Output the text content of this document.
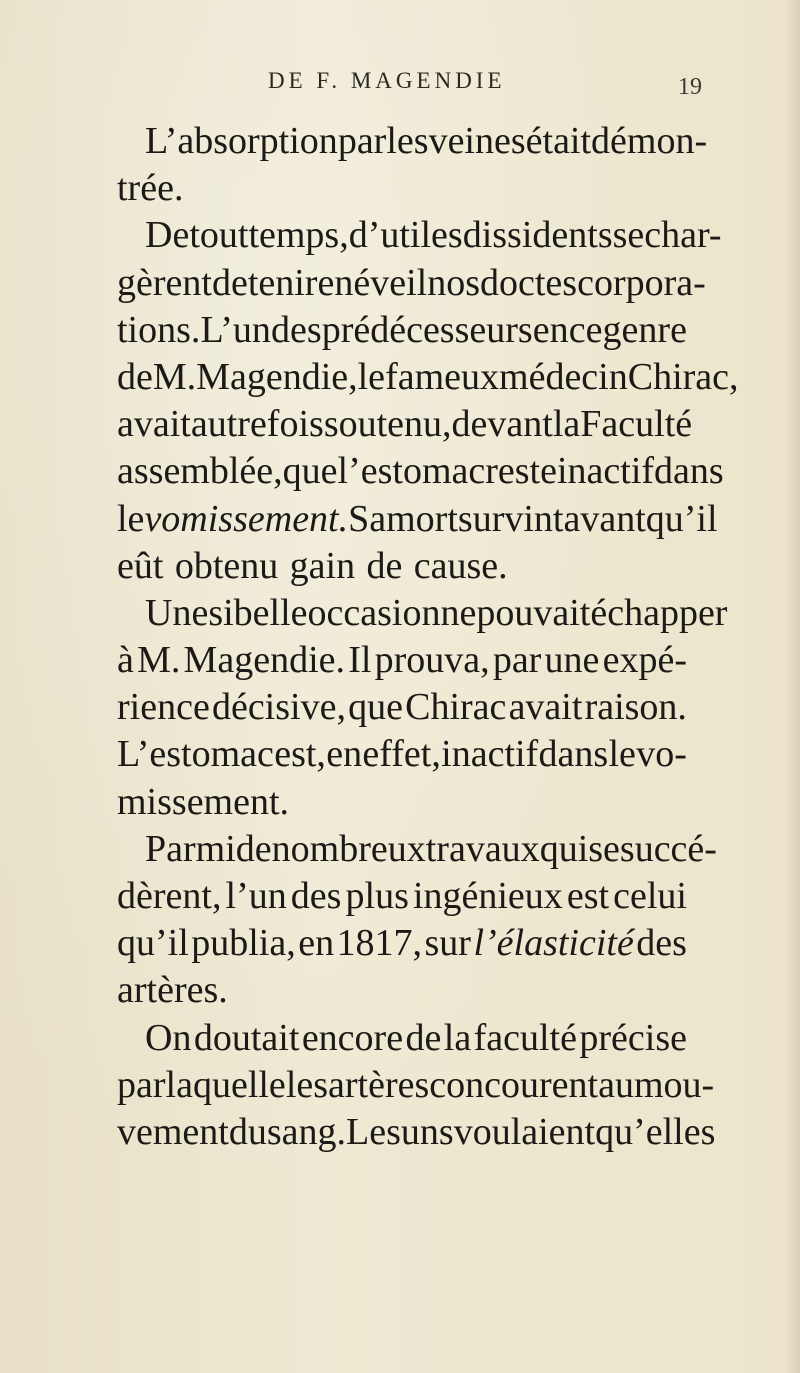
DE F. MAGENDIE	19
L’absorption par les veines était démon-
trée.
De tout temps, d’utiles dissidents se char-
gèrent de tenir en éveil nos doctes corpora-
tions. L’un des prédécesseurs en ce genre
de M. Magendie, le fameux médecin Chirac,
avait autrefois soutenu, devant la Faculté
assemblée, que l’estomac reste inactif dans
le vomissement. Sa mort survint avant qu’il
eût obtenu gain de cause.
Une si belle occasion ne pouvait échapper
à M. Magendie. Il prouva, par une expé-
rience décisive, que Chirac avait raison.
L’estomac est, en effet, inactif dans le vo-
missement.
Parmi de nombreux travaux qui se succé-
dèrent, l’un des plus ingénieux est celui
qu’il publia, en 1817, sur l’élasticité des
artères.
On doutait encore de la faculté précise
par laquelle les artères concourent au mou-
vement du sang. Les uns voulaient qu’elles
